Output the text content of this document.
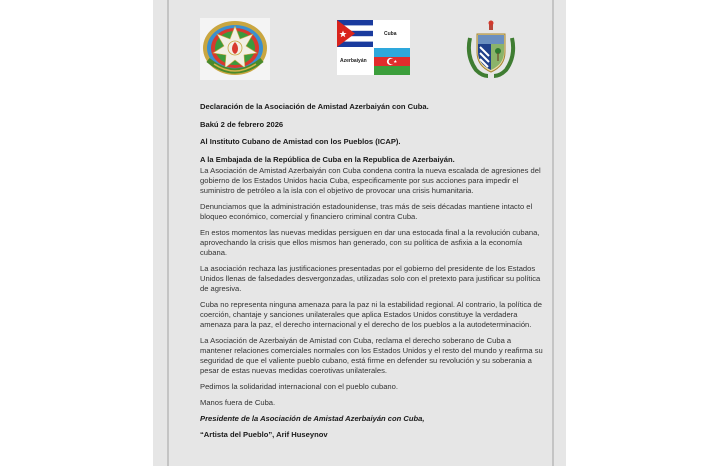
Cuba
Azerbaiyán

Declaración de la Asociación de Amistad Azerbaiyán con Cuba.

Bakú 2 de febrero 2026

Al Instituto Cubano de Amistad con los Pueblos (ICAP).

A la Embajada de la República de Cuba en la Republica de Azerbaiyán.

La Asociación de Amistad Azerbaiyán con Cuba condena contra la nueva escalada de agresiones del gobierno de los Estados Unidos hacia Cuba, especificamente por sus acciones para impedir el suministro de petróleo a la isla con el objetivo de provocar una crisis humanitaria.

Denunciamos que la administración estadounidense, tras más de seis décadas mantiene intacto el bloqueo económico, comercial y financiero criminal contra Cuba.

En estos momentos las nuevas medidas persiguen en dar una estocada final a la revolución cubana, aprovechando la crisis que ellos mismos han generado, con su política de asfixia a la economía cubana.

La asociación rechaza las justificaciones presentadas por el gobierno del presidente de los Estados Unidos llenas de falsedades desvergonzadas, utilizadas solo con el pretexto para justificar su política de agresiva.

Cuba no representa ninguna amenaza para la paz ni la estabilidad regional. Al contrario, la política de coerción, chantaje y sanciones unilaterales que aplica Estados Unidos constituye la verdadera amenaza para la paz, el derecho internacional y el derecho de los pueblos a la autodeterminación.

La Asociación de Azerbaiyán de Amistad con Cuba, reclama el derecho soberano de Cuba a mantener relaciones comerciales normales con los Estados Unidos y el resto del mundo y reafirma su seguridad de que el valiente pueblo cubano, está firme en defender su revolución y su soberania a pesar de estas nuevas medidas coerotivas unilaterales.

Pedimos la solidaridad internacional con el pueblo cubano.

Manos fuera de Cuba.

Presidente de la Asociación de Amistad Azerbaiyán con Cuba,

“Artista del Pueblo”, Arif Huseynov
